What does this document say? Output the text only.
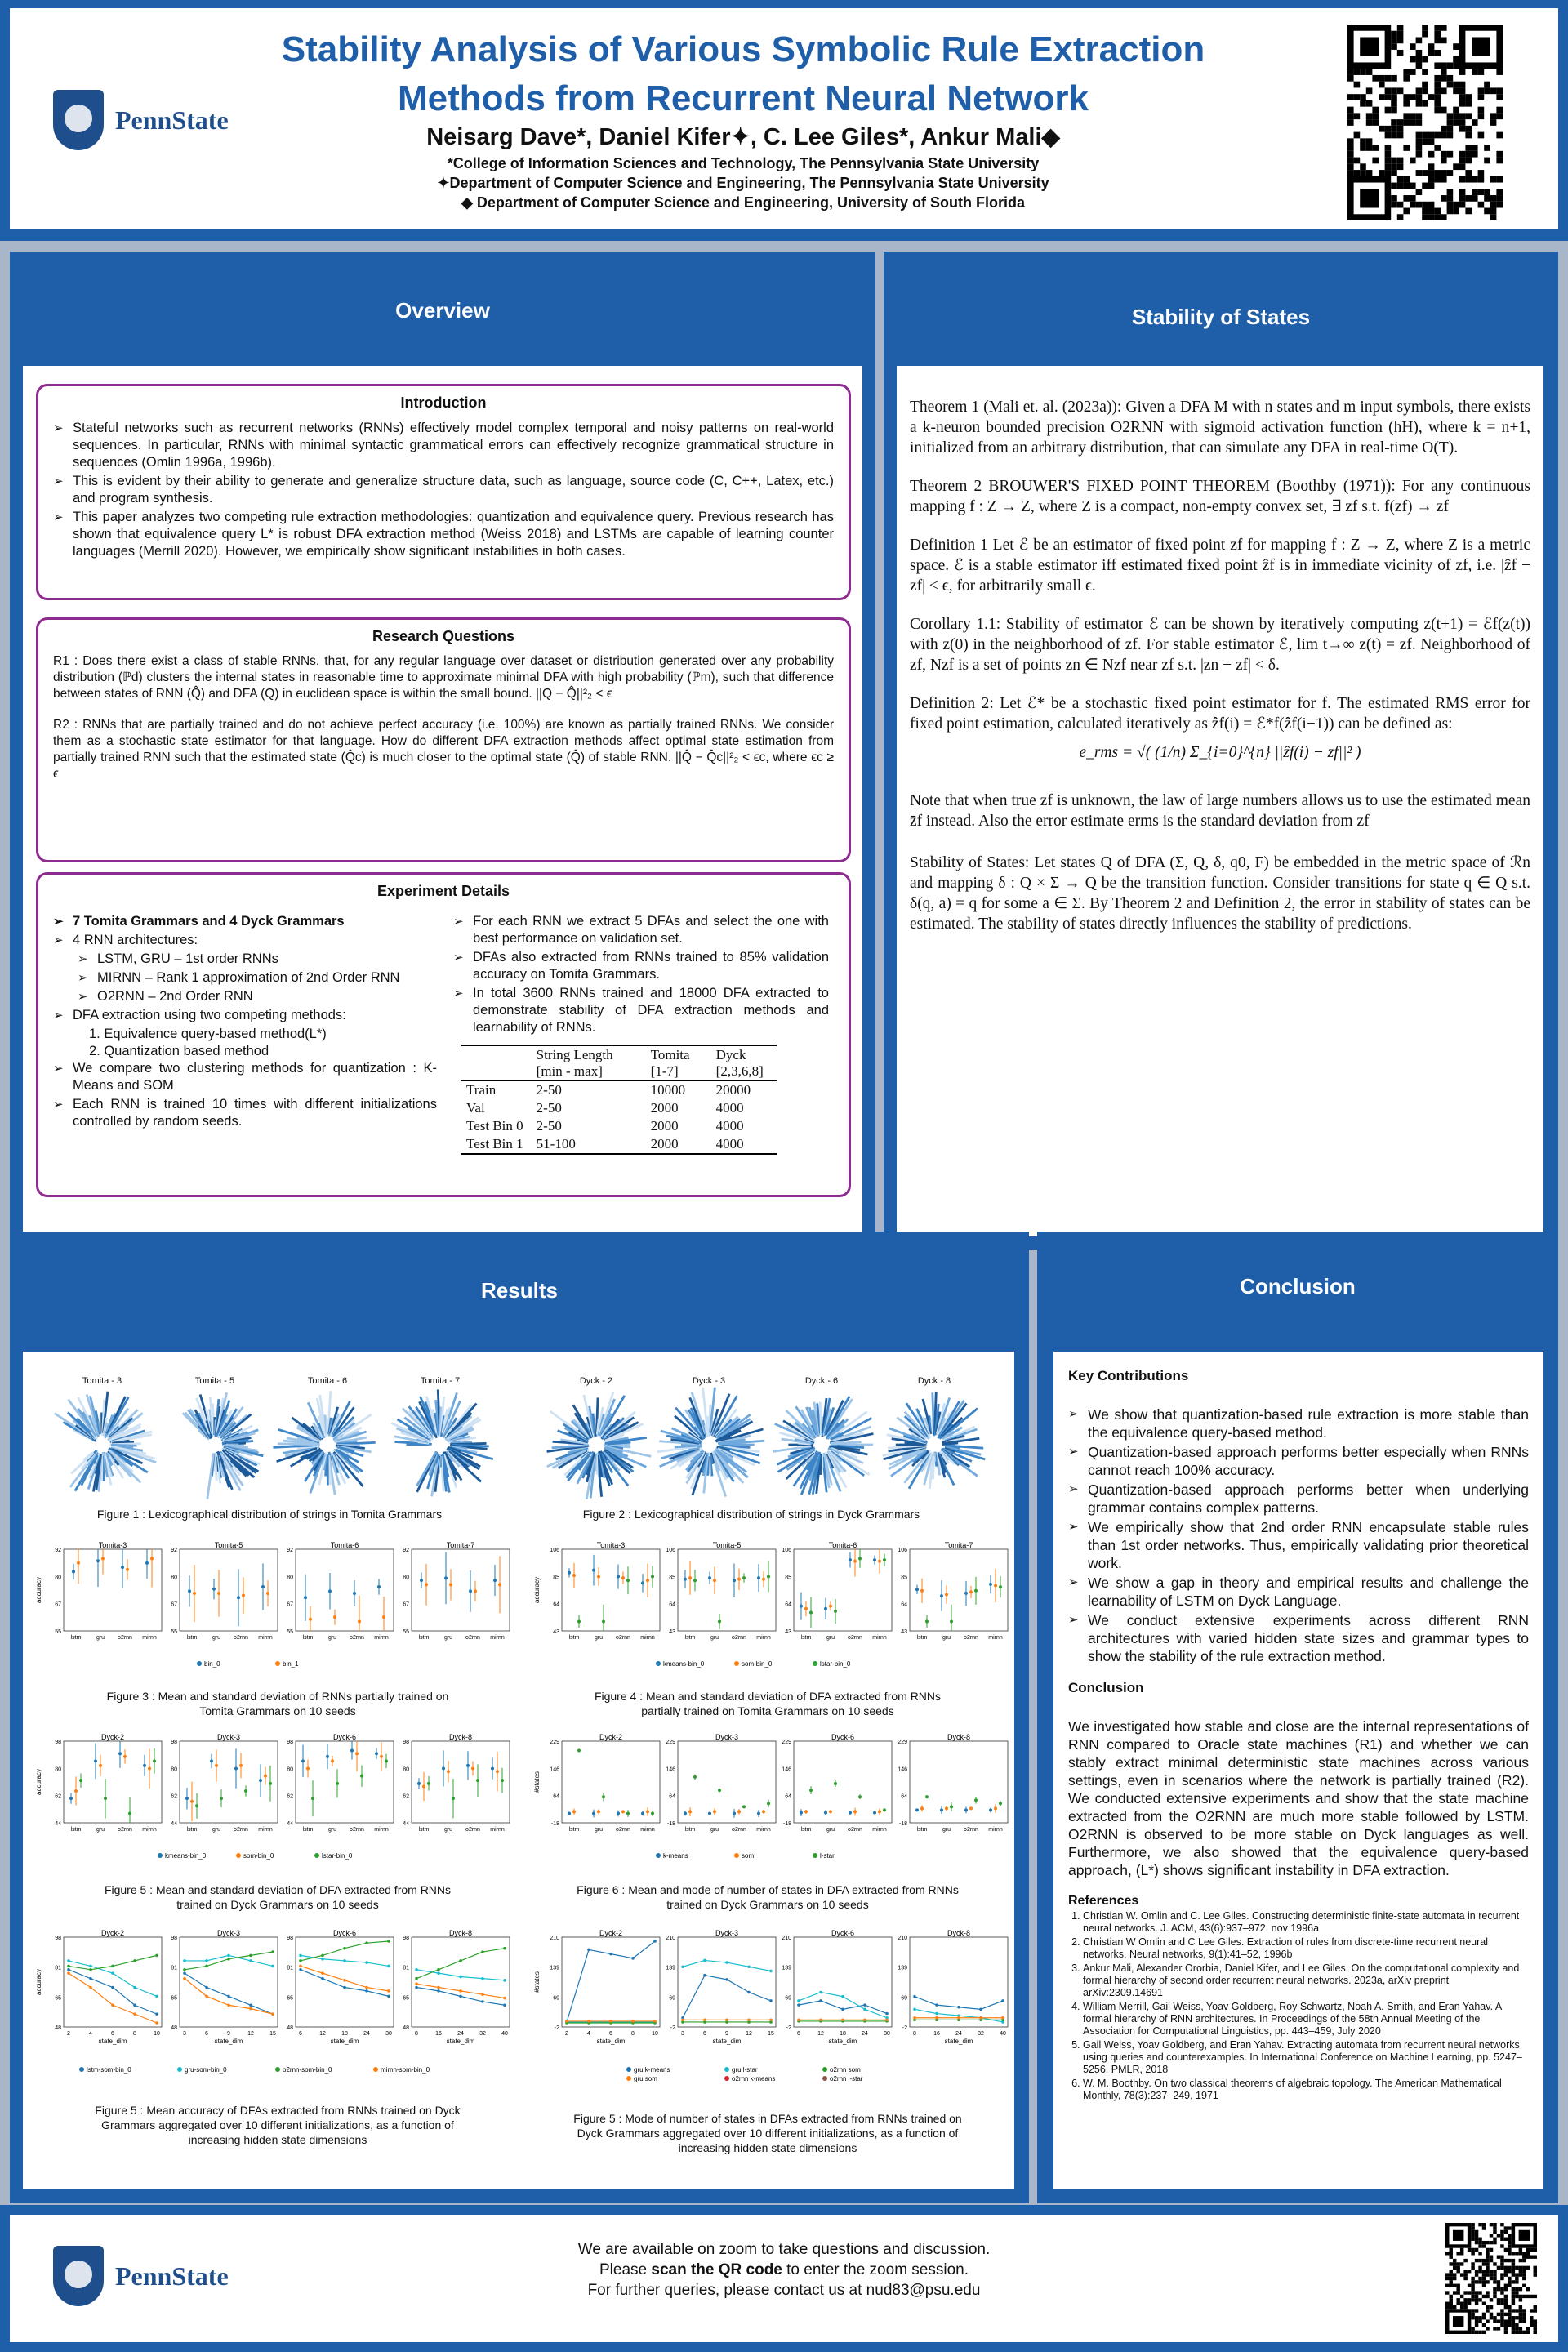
PennState
Stability Analysis of Various Symbolic Rule Extraction
Methods from Recurrent Neural Network
Neisarg Dave*, Daniel Kifer✦, C. Lee Giles*, Ankur Mali◆
*College of Information Sciences and Technology, The Pennsylvania State University
✦Department of Computer Science and Engineering, The Pennsylvania State University
◆ Department of Computer Science and Engineering, University of South Florida
Overview
Introduction
➢ Stateful networks such as recurrent networks (RNNs) effectively model complex temporal and noisy patterns on real-world sequences. In particular, RNNs with minimal syntactic grammatical errors can effectively recognize grammatical structure in sequences (Omlin 1996a, 1996b).
➢ This is evident by their ability to generate and generalize structure data, such as language, source code (C, C++, Latex, etc.) and program synthesis.
➢ This paper analyzes two competing rule extraction methodologies: quantization and equivalence query. Previous research has shown that equivalence query L* is robust DFA extraction method (Weiss 2018) and LSTMs are capable of learning counter languages (Merrill 2020). However, we empirically show significant instabilities in both cases.
Research Questions

R1 : Does there exist a class of stable RNNs, that, for any regular language over dataset or distribution generated over any probability distribution (ℙd) clusters the internal states in reasonable time to approximate minimal DFA with high probability (ℙm), such that difference between states of RNN (Q̂) and DFA (Q) in euclidean space is within the small bound. ||Q − Q̂||²₂ < ϵ

R2 : RNNs that are partially trained and do not achieve perfect accuracy (i.e. 100%) are known as partially trained RNNs. We consider them as a stochastic state estimator for that language. How do different DFA extraction methods affect optimal state estimation from partially trained RNN such that the estimated state (Q̂c) is much closer to the optimal state (Q̂) of stable RNN. ||Q̂ − Q̂c||²₂ < ϵc, where ϵc ≥ ϵ

Experiment Details
➢ 7 Tomita Grammars and 4 Dyck Grammars
➢ 4 RNN architectures:
➢ LSTM, GRU – 1st order RNNs
➢ MIRNN – Rank 1 approximation of 2nd Order RNN
➢ O2RNN – 2nd Order RNN
➢ DFA extraction using two competing methods:
1. Equivalence query-based method(L*)
2. Quantization based method
➢ We compare two clustering methods for quantization : K-Means and SOM
➢ Each RNN is trained 10 times with different initializations controlled by random seeds.
➢ For each RNN we extract 5 DFAs and select the one with best performance on validation set.
➢ DFAs also extracted from RNNs trained to 85% validation accuracy on Tomita Grammars.
➢ In total 3600 RNNs trained and 18000 DFA extracted to demonstrate stability of DFA extraction methods and learnability of RNNs.
	String Length [min - max]	Tomita [1-7]	Dyck [2,3,6,8]
Train	2-50	10000	20000
Val	2-50	2000	4000
Test Bin 0	2-50	2000	4000
Test Bin 1	51-100	2000	4000
Stability of States

Theorem 1 (Mali et. al. (2023a)): Given a DFA M with n states and m input symbols, there exists a k-neuron bounded precision O2RNN with sigmoid activation function (hH), where k = n+1, initialized from an arbitrary distribution, that can simulate any DFA in real-time O(T).

Theorem 2 BROUWER'S FIXED POINT THEOREM (Boothby (1971)): For any continuous mapping f : Z → Z, where Z is a compact, non-empty convex set, ∃ zf s.t. f(zf) → zf

Definition 1 Let ℰ be an estimator of fixed point zf for mapping f : Z → Z, where Z is a metric space. ℰ is a stable estimator iff estimated fixed point ẑf is in immediate vicinity of zf, i.e. |ẑf − zf| < ϵ, for arbitrarily small ϵ.

Corollary 1.1: Stability of estimator ℰ can be shown by iteratively computing z(t+1) = ℰf(z(t)) with z(0) in the neighborhood of zf. For stable estimator ℰ, lim t→∞ z(t) = zf. Neighborhood of zf, Nzf is a set of points zn ∈ Nzf near zf s.t. |zn − zf| < δ.

Definition 2: Let ℰ* be a stochastic fixed point estimator for f. The estimated RMS error for fixed point estimation, calculated iteratively as ẑf(i) = ℰ*f(ẑf(i−1)) can be defined as:

e_rms = √( (1/n) Σ_{i=0}^{n} ||ẑf(i) − zf||² )

Note that when true zf is unknown, the law of large numbers allows us to use the estimated mean z̄f instead. Also the error estimate erms is the standard deviation from zf

Stability of States: Let states Q of DFA (Σ, Q, δ, q0, F) be embedded in the metric space of ℛn and mapping δ : Q × Σ → Q be the transition function. Consider transitions for state q ∈ Q s.t. δ(q, a) = q for some a ∈ Σ. By Theorem 2 and Definition 2, the error in stability of states can be estimated. The stability of states directly influences the stability of predictions.

Results
Tomita - 3	Tomita - 5	Tomita - 6	Tomita - 7	Dyck - 2	Dyck - 3	Dyck - 6	Dyck - 8
Figure 1 : Lexicographical distribution of strings in Tomita Grammars	Figure 2 : Lexicographical distribution of strings in Dyck Grammars
Tomita-3
accuracy
55
67
80
92
lstm	gru o2rnn mirnn
Tomita-5
55
67
80
92
lstm	gru o2rnn mirnn
Tomita-6
55
67
80
92
lstm	gru o2rnn mirnn
Tomita-7
55
67
80
92
lstm	gru o2rnn mirnn
bin_0	bin_1
Figure 3 : Mean and standard deviation of RNNs partially trained on Tomita Grammars on 10 seeds
Tomita-3
accuracy
43
64
85
106
lstm	gru o2rnn mirnn
Tomita-5
43
64
85
106
lstm	gru o2rnn mirnn
Tomita-6
43
64
85
106
lstm	gru o2rnn mirnn
Tomita-7
43
64
85
106
lstm	gru o2rnn mirnn
kmeans-bin_0	som-bin_0	lstar-bin_0
Figure 4 : Mean and standard deviation of DFA extracted from RNNs partially trained on Tomita Grammars on 10 seeds
Dyck-2
accuracy
44
62
80
98
lstm	gru o2rnn mirnn
Dyck-3
44
62
80
98
lstm	gru o2rnn mirnn
Dyck-6
44
62
80
98
lstm	gru o2rnn mirnn
Dyck-8
44
62
80
98
lstm	gru o2rnn mirnn
kmeans-bin_0	som-bin_0	lstar-bin_0
Figure 5 : Mean and standard deviation of DFA extracted from RNNs trained on Dyck Grammars on 10 seeds
Dyck-2
#states
-18
64
146
229
lstm	gru o2rnn mirnn
Dyck-3
-18
64
146
229
lstm	gru o2rnn mirnn
Dyck-6
-18
64
146
229
lstm	gru o2rnn mirnn
Dyck-8
-18
64
146
229
lstm	gru o2rnn mirnn
k-means	som	l-star
Figure 6 : Mean and mode of number of states in DFA extracted from RNNs trained on Dyck Grammars on 10 seeds
Dyck-2
accuracy
state_dim
2	4	6	8	10
48
65
81
98
Dyck-3
state_dim
3	6	9	12	15
48
65
81
98
Dyck-6
state_dim
6	12	18	24	30
48
65
81
98
Dyck-8
state_dim
8	16	24	32	40
48
65
81
98
lstm-som-bin_0	gru-som-bin_0	o2rnn-som-bin_0	mirnn-som-bin_0
Figure 5 : Mean accuracy of DFAs extracted from RNNs trained on Dyck Grammars aggregated over 10 different initializations, as a function of increasing hidden state dimensions
Dyck-2
#states
state_dim
2	4	6	8	10
-2
69
139
210
Dyck-3
state_dim
3	6	9	12	15
-2
69
139
210
Dyck-6
state_dim
6	12	18	24	30
-2
69
139
210
Dyck-8
state_dim
8	16	24	32	40
-2
69
139
210
gru k-means	gru l-star	o2rnn som
gru som	o2rnn k-means	o2rnn l-star
Figure 5 : Mode of number of states in DFAs extracted from RNNs trained on Dyck Grammars aggregated over 10 different initializations, as a function of increasing hidden state dimensions
Conclusion
Key Contributions
➢ We show that quantization-based rule extraction is more stable than the equivalence query-based method.
➢ Quantization-based approach performs better especially when RNNs cannot reach 100% accuracy.
➢ Quantization-based approach performs better when underlying grammar contains complex patterns.
➢ We empirically show that 2nd order RNN encapsulate stable rules than 1st order networks. Thus, empirically validating prior theoretical work.
➢ We show a gap in theory and empirical results and challenge the learnability of LSTM on Dyck Language.
➢ We conduct extensive experiments across different RNN architectures with varied hidden state sizes and grammar types to show the stability of the rule extraction method.
Conclusion

We investigated how stable and close are the internal representations of RNN compared to Oracle state machines (R1) and whether we can stably extract minimal deterministic state machines across various settings, even in scenarios where the network is partially trained (R2). We conducted extensive experiments and show that the state machine extracted from the O2RNN are much more stable followed by LSTM. O2RNN is observed to be more stable on Dyck languages as well. Furthermore, we also showed that the equivalence query-based approach, (L*) shows significant instability in DFA extraction.

References
1. Christian W. Omlin and C. Lee Giles. Constructing deterministic finite-state automata in recurrent neural networks. J. ACM, 43(6):937–972, nov 1996a
2. Christian W Omlin and C Lee Giles. Extraction of rules from discrete-time recurrent neural networks. Neural networks, 9(1):41–52, 1996b
3. Ankur Mali, Alexander Ororbia, Daniel Kifer, and Lee Giles. On the computational complexity and formal hierarchy of second order recurrent neural networks. 2023a, arXiv preprint arXiv:2309.14691
4. William Merrill, Gail Weiss, Yoav Goldberg, Roy Schwartz, Noah A. Smith, and Eran Yahav. A formal hierarchy of RNN architectures. In Proceedings of the 58th Annual Meeting of the Association for Computational Linguistics, pp. 443–459, July 2020
5. Gail Weiss, Yoav Goldberg, and Eran Yahav. Extracting automata from recurrent neural networks using queries and counterexamples. In International Conference on Machine Learning, pp. 5247–5256. PMLR, 2018
6. W. M. Boothby. On two classical theorems of algebraic topology. The American Mathematical Monthly, 78(3):237–249, 1971
PennState
We are available on zoom to take questions and discussion.
Please scan the QR code to enter the zoom session.
For further queries, please contact us at nud83@psu.edu
